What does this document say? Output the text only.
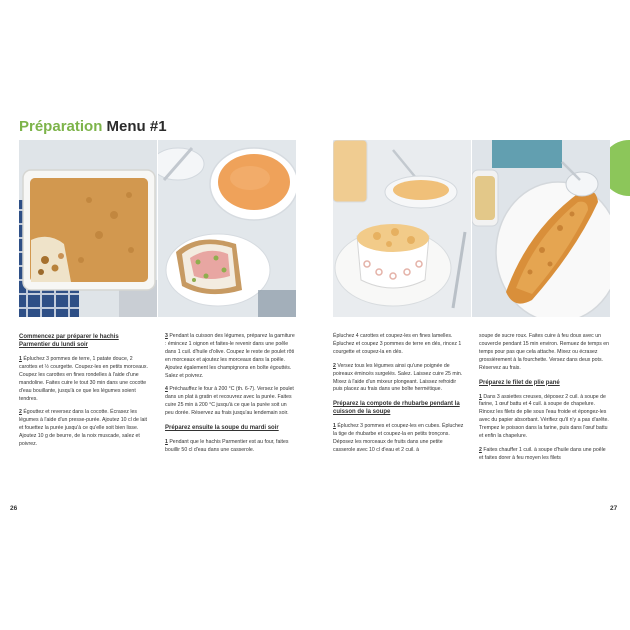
Préparation Menu #1

Commencez par préparer le hachis Parmentier du lundi soir

1 Épluchez 3 pommes de terre, 1 patate douce, 2 carottes et ½ courgette. Coupez-les en petits morceaux. Coupez les carottes en fines rondelles à l'aide d'une mandoline. Faites cuire le tout 30 min dans une cocotte d'eau bouillante, jusqu'à ce que les légumes soient tendres.

2 Égouttez et reversez dans la cocotte. Écrasez les légumes à l'aide d'un presse-purée. Ajoutez 10 cl de lait et fouettez la purée jusqu'à ce qu'elle soit bien lisse. Ajoutez 10 g de beurre, de la noix muscade, salez et poivrez.

3 Pendant la cuisson des légumes, préparez la garniture : émincez 1 oignon et faites-le revenir dans une poêle dans 1 cuil. d'huile d'olive. Coupez le reste de poulet rôti en morceaux et ajoutez les morceaux dans la poêle. Ajoutez également les champignons en boîte égouttés. Salez et poivrez.

4 Préchauffez le four à 200 °C (th. 6-7). Versez le poulet dans un plat à gratin et recouvrez avec la purée. Faites cuire 25 min à 200 °C jusqu'à ce que la purée soit un peu dorée. Réservez au frais jusqu'au lendemain soir.

Préparez ensuite la soupe du mardi soir

1 Pendant que le hachis Parmentier est au four, faites bouillir 50 cl d'eau dans une casserole.

Épluchez 4 carottes et coupez-les en fines lamelles. Épluchez et coupez 3 pommes de terre en dés, rincez 1 courgette et coupez-la en dés.

2 Versez tous les légumes ainsi qu'une poignée de poireaux émincés surgelés. Salez. Laissez cuire 25 min. Mixez à l'aide d'un mixeur plongeant. Laissez refroidir puis placez au frais dans une boîte hermétique.

Préparez la compote de rhubarbe pendant la cuisson de la soupe

1 Épluchez 3 pommes et coupez-les en cubes. Épluchez la tige de rhubarbe et coupez-la en petits tronçons. Déposez les morceaux de fruits dans une petite casserole avec 10 cl d'eau et 2 cuil. à

soupe de sucre roux. Faites cuire à feu doux avec un couvercle pendant 15 min environ. Remuez de temps en temps pour pas que cela attache. Mixez ou écrasez grossièrement à la fourchette. Versez dans deux pots. Réservez au frais.

Préparez le filet de plie pané

1 Dans 3 assiettes creuses, déposez 2 cuil. à soupe de farine, 1 œuf battu et 4 cuil. à soupe de chapelure. Rincez les filets de plie sous l'eau froide et épongez-les avec du papier absorbant. Vérifiez qu'il n'y a pas d'arête. Trempez le poisson dans la farine, puis dans l'œuf battu et enfin la chapelure.

2 Faites chauffer 1 cuil. à soupe d'huile dans une poêle et faites dorer à feu moyen les filets

26	27
